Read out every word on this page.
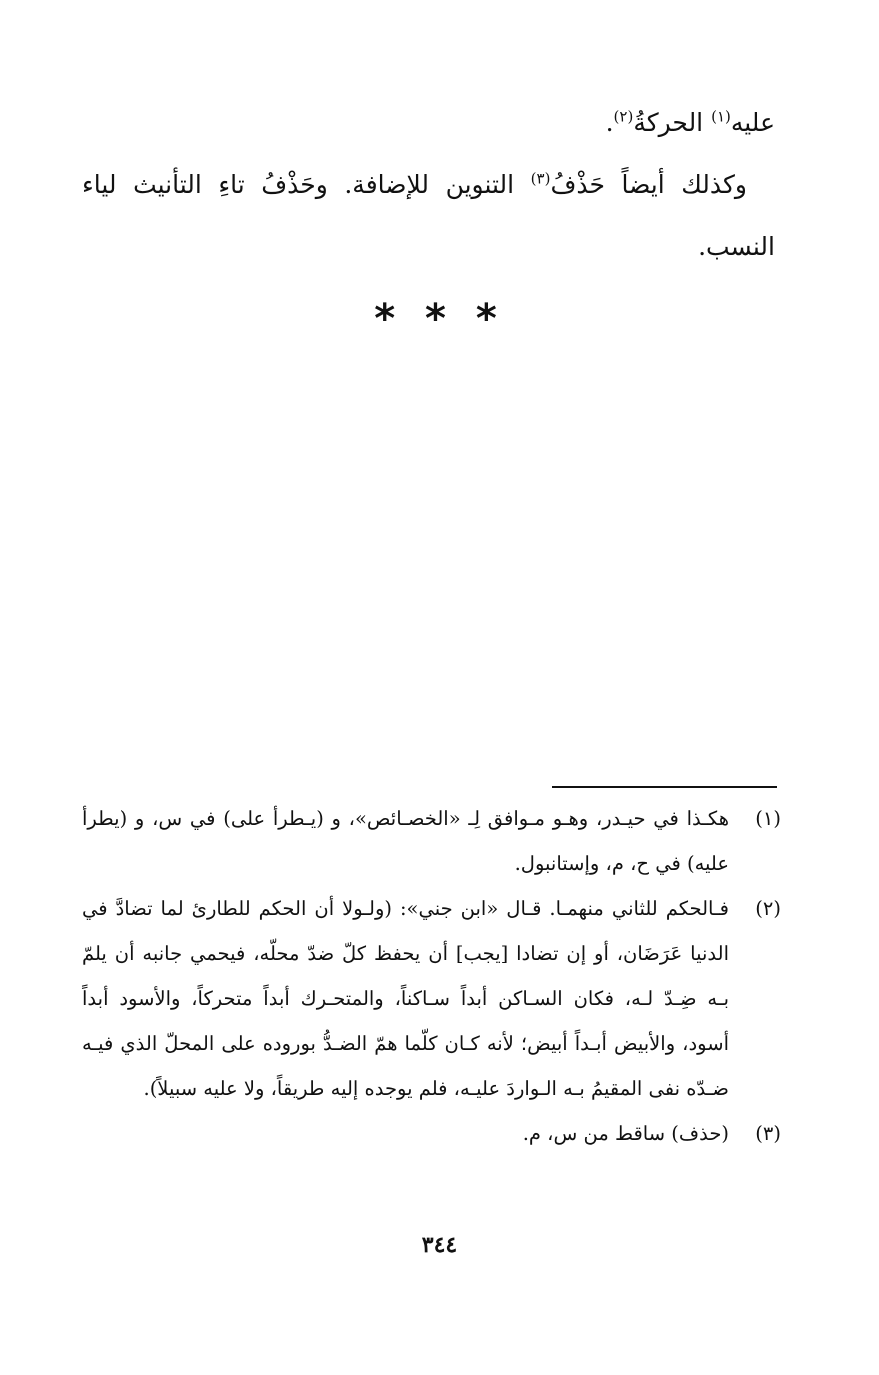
عليه$^{(١)}$ الحركةُ$^{(٢)}$.

وكذلك أيضاً حَذْفُ$^{(٣)}$ التنوين للإضافة. وحَذْفُ تاءِ التأنيث لياء النسب.

* * *
(١)
هكـذا في حيـدر، وهـو مـوافق لِـ «الخصـائص»، و (يـطرأ على) في س، و (يطرأ عليه) في ح، م، وإستانبول.
(٢)
فـالحكم للثاني منهمـا. قـال «ابن جني»: (ولـولا أن الحكم للطارئ لما تضادَّ في الدنيا عَرَضَان، أو إن تضادا [يجب] أن يحفظ كلّ ضدّ محلّه، فيحمي جانبه أن يلمّ بـه ضِـدّ لـه، فكان السـاكن أبداً سـاكناً، والمتحـرك أبداً متحركاً، والأسود أبداً أسود، والأبيض أبـداً أبيض؛ لأنه كـان كلّما همّ الضـدُّ بوروده على المحلّ الذي فيـه ضـدّه نفى المقيمُ بـه الـواردَ عليـه، فلم يوجده إليه طريقاً، ولا عليه سبيلاً).
(٣)
(حذف) ساقط من س، م.
٣٤٤
